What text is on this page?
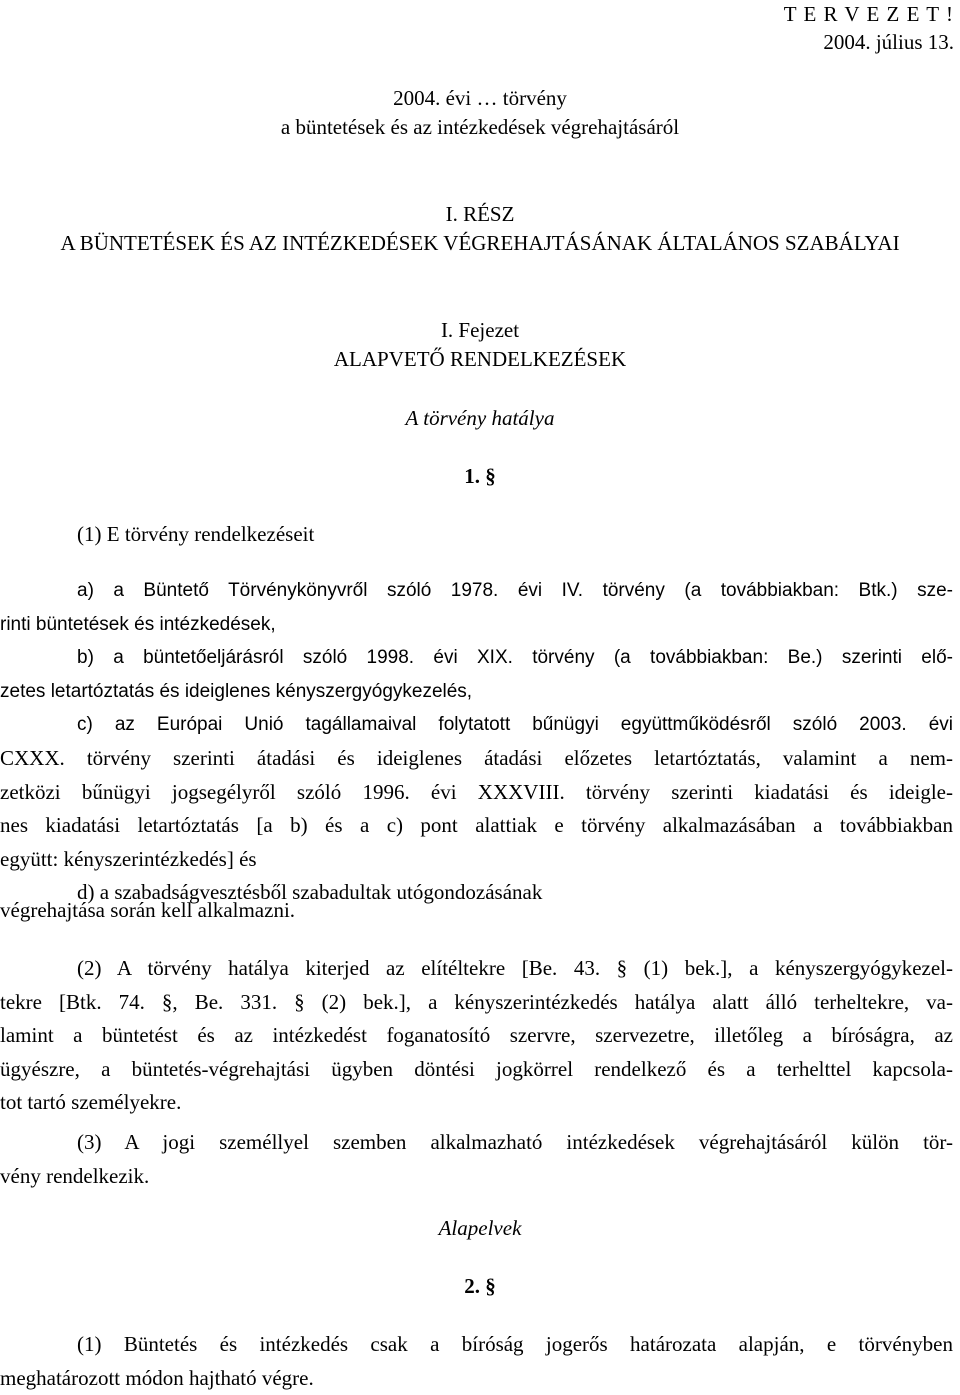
T E R V E Z E T !
2004. július 13.
2004. évi … törvény
a büntetések és az intézkedések végrehajtásáról
I. RÉSZ
A BÜNTETÉSEK ÉS AZ INTÉZKEDÉSEK VÉGREHAJTÁSÁNAK ÁLTALÁNOS SZABÁLYAI
I. Fejezet
ALAPVETŐ RENDELKEZÉSEK
A törvény hatálya
1. §
(1) E törvény rendelkezéseit
a) a Büntető Törvénykönyvről szóló 1978. évi IV. törvény (a továbbiakban: Btk.) sze-
rinti büntetések és intézkedések,
b) a büntetőeljárásról szóló 1998. évi XIX. törvény (a továbbiakban: Be.) szerinti elő-
zetes letartóztatás és ideiglenes kényszergyógykezelés,
c) az Európai Unió tagállamaival folytatott bűnügyi együttműködésről szóló 2003. évi
CXXX. törvény szerinti átadási és ideiglenes átadási előzetes letartóztatás, valamint a nem-
zetközi bűnügyi jogsegélyről szóló 1996. évi XXXVIII. törvény szerinti kiadatási és ideigle-
nes kiadatási letartóztatás [a b) és a c) pont alattiak e törvény alkalmazásában a továbbiakban
együtt: kényszerintézkedés] és
d) a szabadságvesztésből szabadultak utógondozásának
végrehajtása során kell alkalmazni.
(2) A törvény hatálya kiterjed az elítéltekre [Be. 43. § (1) bek.], a kényszergyógykezel-
tekre [Btk. 74. §, Be. 331. § (2) bek.], a kényszerintézkedés hatálya alatt álló terheltekre, va-
lamint a büntetést és az intézkedést foganatosító szervre, szervezetre, illetőleg a bíróságra, az
ügyészre, a büntetés-végrehajtási ügyben döntési jogkörrel rendelkező és a terhelttel kapcsola-
tot tartó személyekre.
(3) A jogi személlyel szemben alkalmazható intézkedések végrehajtásáról külön tör-
vény rendelkezik.
Alapelvek
2. §
(1) Büntetés és intézkedés csak a bíróság jogerős határozata alapján, e törvényben
meghatározott módon hajtható végre.
